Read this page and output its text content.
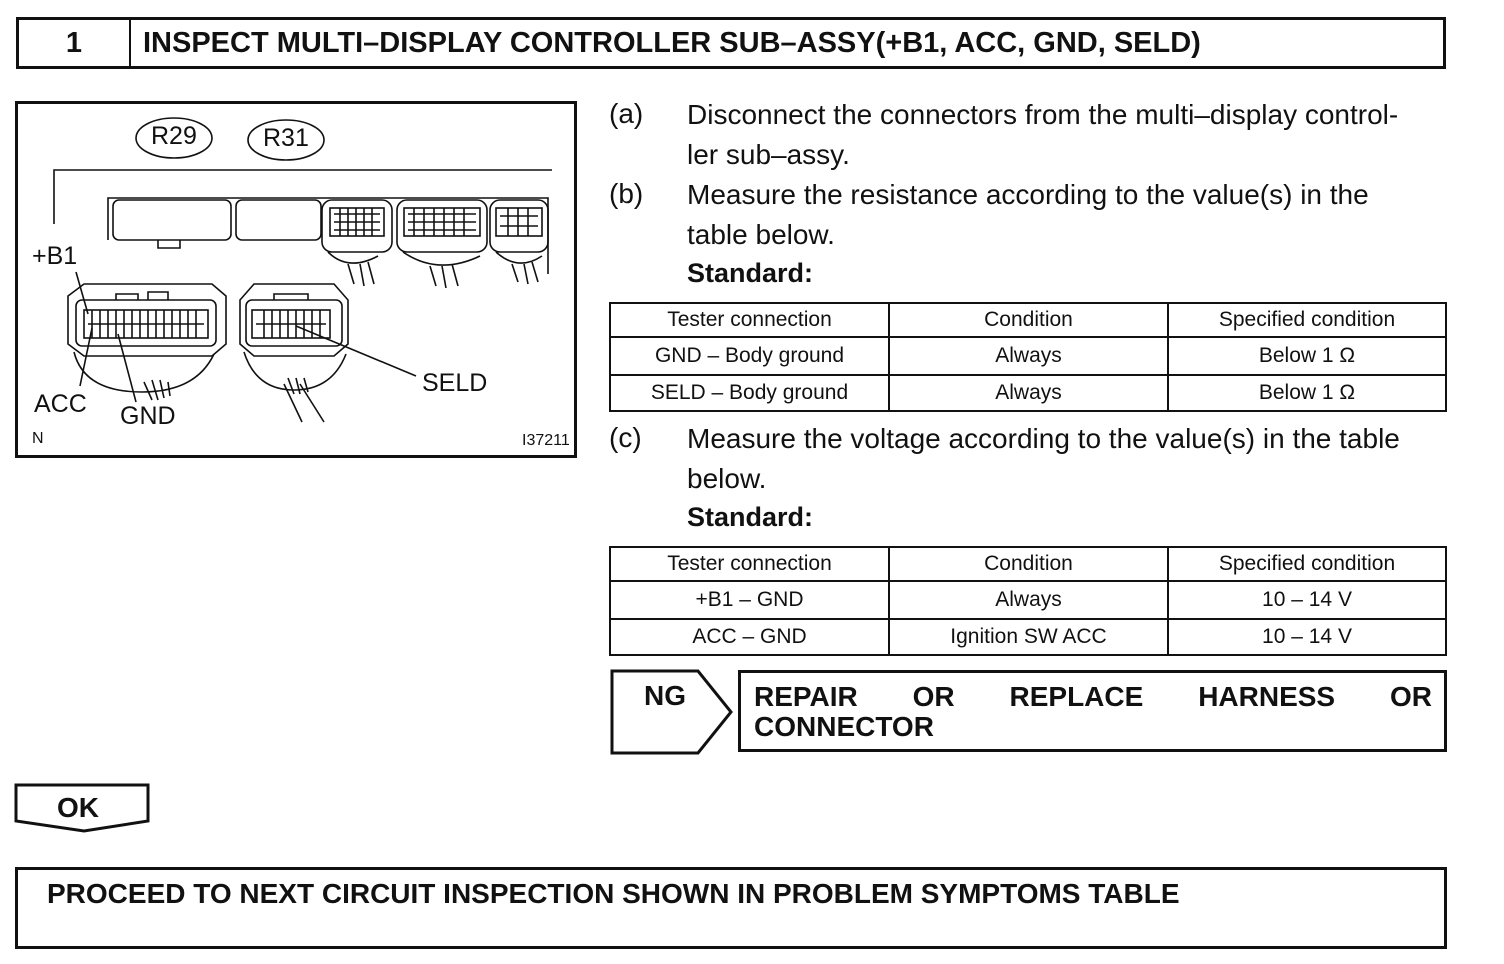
1	INSPECT MULTI–DISPLAY CONTROLLER SUB–ASSY(+B1, ACC, GND, SELD)
R29	R31
+B1
ACC GND
SELD
N	I37211
(a) Disconnect the connectors from the multi–display control-
ler sub–assy.
(b) Measure the resistance according to the value(s) in the
table below.
Standard:
Tester connection	Condition	Specified condition
GND – Body ground	Always	Below 1 Ω
SELD – Body ground	Always	Below 1 Ω
(c) Measure the voltage according to the value(s) in the table
below.
Standard:
Tester connection	Condition	Specified condition
+B1 – GND	Always	10 – 14 V
ACC – GND	Ignition SW ACC	10 – 14 V
NG REPAIR OR REPLACE HARNESS OR
CONNECTOR
OK
PROCEED TO NEXT CIRCUIT INSPECTION SHOWN IN PROBLEM SYMPTOMS TABLE
